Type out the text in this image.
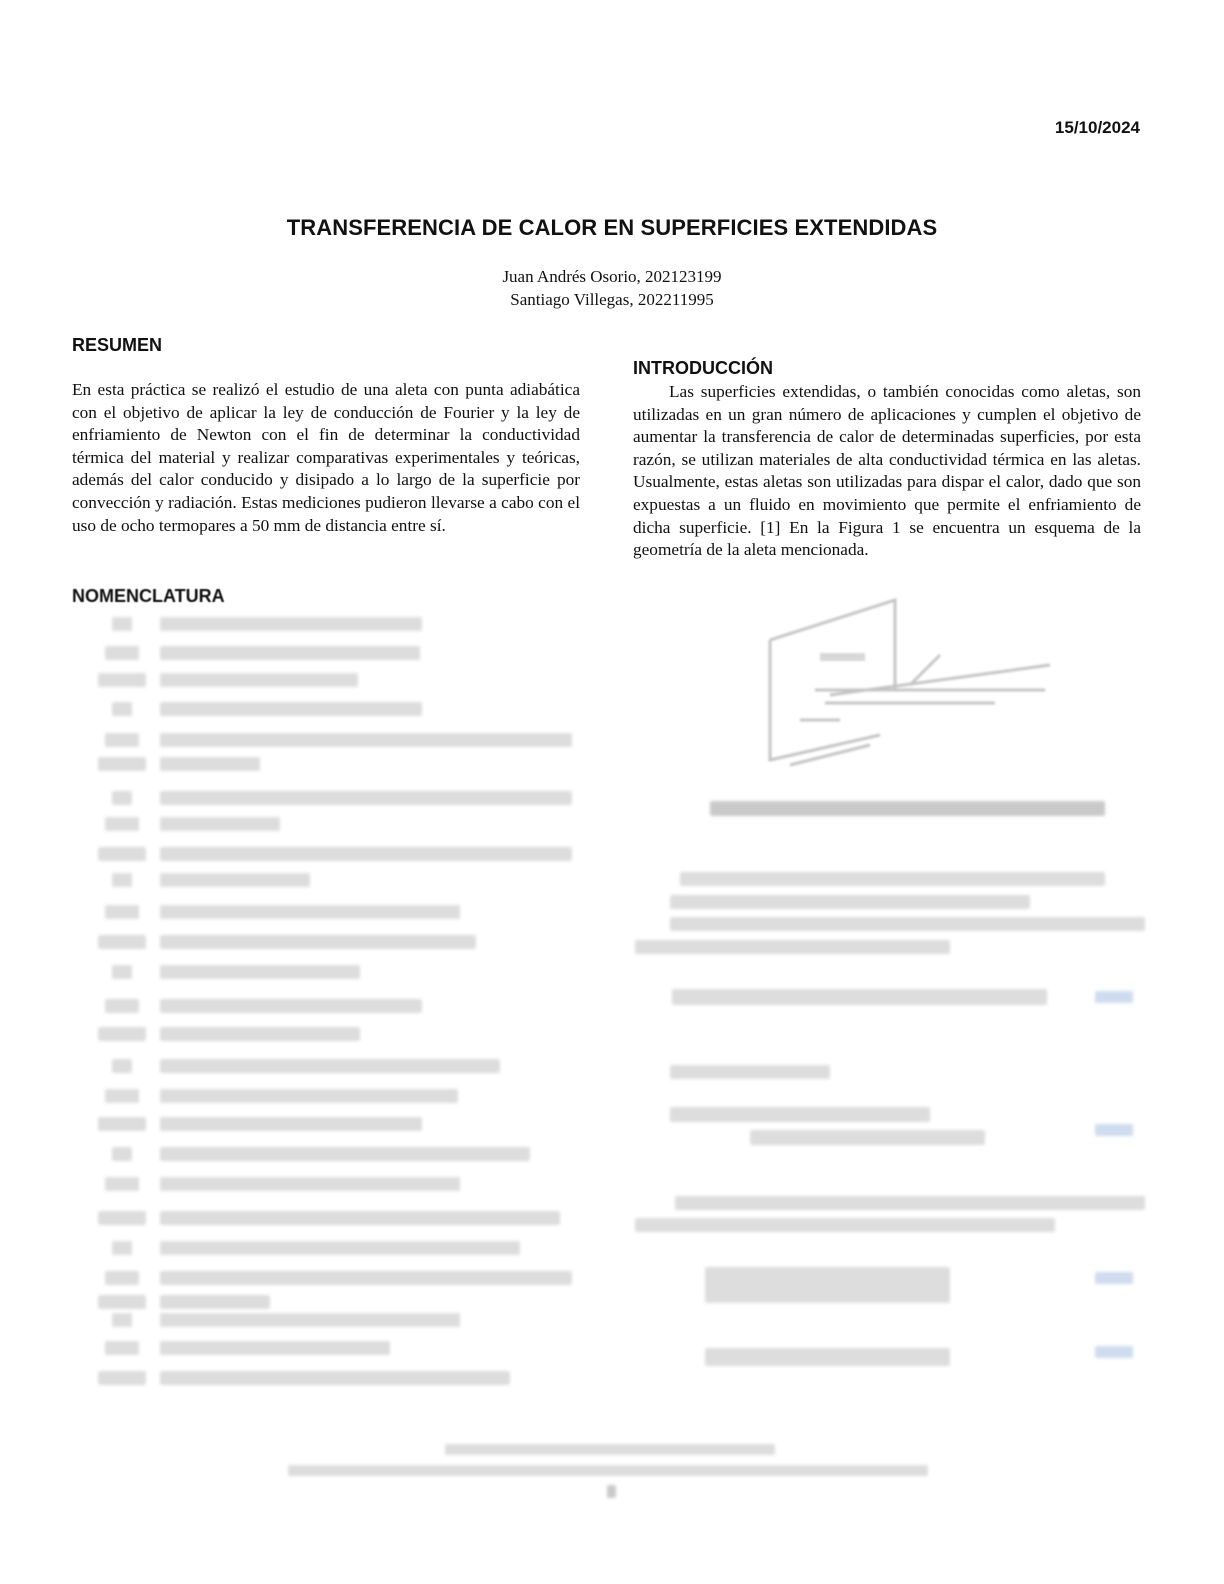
15/10/2024
TRANSFERENCIA DE CALOR EN SUPERFICIES EXTENDIDAS
Juan Andrés Osorio, 202123199
Santiago Villegas, 202211995
RESUMEN
En esta práctica se realizó el estudio de una aleta con punta adiabática con el objetivo de aplicar la ley de conducción de Fourier y la ley de enfriamiento de Newton con el fin de determinar la conductividad térmica del material y realizar comparativas experimentales y teóricas, además del calor conducido y disipado a lo largo de la superficie por convección y radiación. Estas mediciones pudieron llevarse a cabo con el uso de ocho termopares a 50 mm de distancia entre sí.
NOMENCLATURA
INTRODUCCIÓN
Las superficies extendidas, o también conocidas como aletas, son utilizadas en un gran número de aplicaciones y cumplen el objetivo de aumentar la transferencia de calor de determinadas superficies, por esta razón, se utilizan materiales de alta conductividad térmica en las aletas. Usualmente, estas aletas son utilizadas para dispar el calor, dado que son expuestas a un fluido en movimiento que permite el enfriamiento de dicha superficie. [1] En la Figura 1 se encuentra un esquema de la geometría de la aleta mencionada.
